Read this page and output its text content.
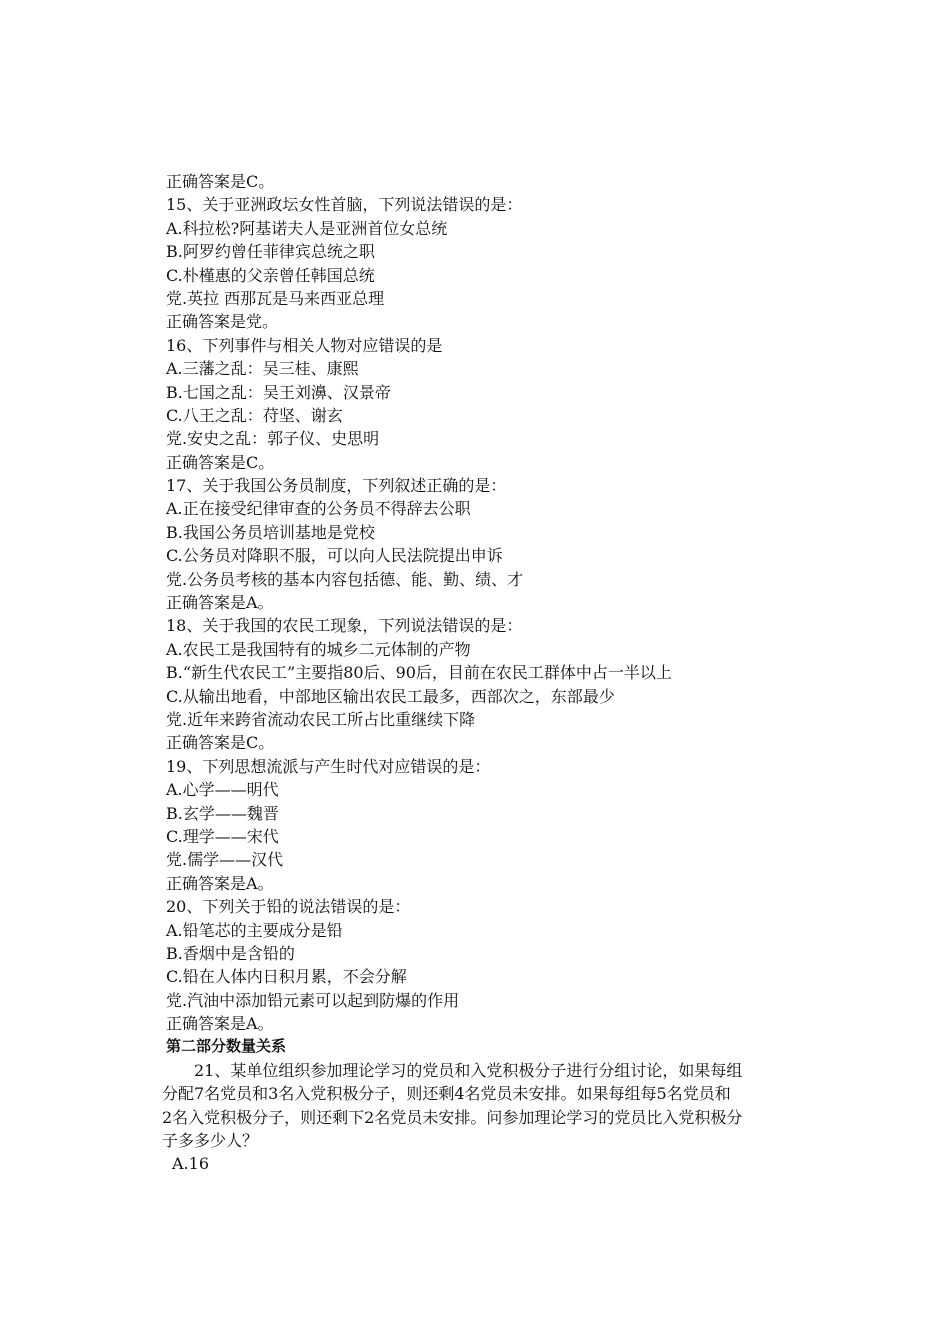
正确答案是C。
15、关于亚洲政坛女性首脑，下列说法错误的是：
A.科拉松?阿基诺夫人是亚洲首位女总统
B.阿罗约曾任菲律宾总统之职
C.朴槿惠的父亲曾任韩国总统
党.英拉 西那瓦是马来西亚总理
正确答案是党。
16、下列事件与相关人物对应错误的是
A.三藩之乱：吴三桂、康熙
B.七国之乱：吴王刘濞、汉景帝
C.八王之乱：苻坚、谢玄
党.安史之乱：郭子仪、史思明
正确答案是C。
17、关于我国公务员制度，下列叙述正确的是：
A.正在接受纪律审查的公务员不得辞去公职
B.我国公务员培训基地是党校
C.公务员对降职不服，可以向人民法院提出申诉
党.公务员考核的基本内容包括德、能、勤、绩、才
正确答案是A。
18、关于我国的农民工现象，下列说法错误的是：
A.农民工是我国特有的城乡二元体制的产物
B.“新生代农民工”主要指80后、90后，目前在农民工群体中占一半以上
C.从输出地看，中部地区输出农民工最多，西部次之，东部最少
党.近年来跨省流动农民工所占比重继续下降
正确答案是C。
19、下列思想流派与产生时代对应错误的是：
A.心学——明代
B.玄学——魏晋
C.理学——宋代
党.儒学——汉代
正确答案是A。
20、下列关于铅的说法错误的是：
A.铅笔芯的主要成分是铅
B.香烟中是含铅的
C.铅在人体内日积月累，不会分解
党.汽油中添加铅元素可以起到防爆的作用
正确答案是A。
第二部分数量关系
21、某单位组织参加理论学习的党员和入党积极分子进行分组讨论，如果每组
分配7名党员和3名入党积极分子，则还剩4名党员未安排。如果每组每5名党员和
2名入党积极分子，则还剩下2名党员未安排。问参加理论学习的党员比入党积极分
子多多少人？
A.16
